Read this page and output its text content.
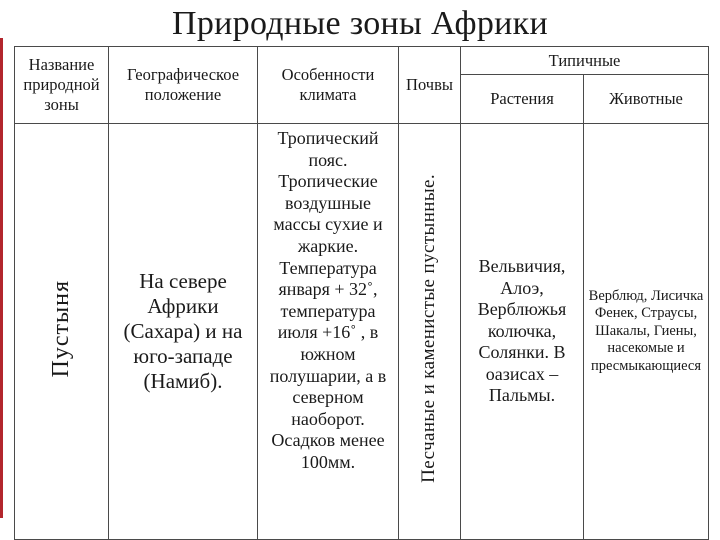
Природные зоны Африки
Название природной зоны	Географическое положение	Особенности климата	Почвы	Типичные	
				Растения	Животные
Пустыня	На севере Африки (Сахара) и на юго-западе (Намиб).	Тропический пояс. Тропические воздушные массы сухие и жаркие. Температура января + 32˚, температура июля +16˚ , в южном полушарии, а в северном наоборот. Осадков менее 100мм.	Песчаные и каменистые пустынные.	Вельвичия, Алоэ, Верблюжья колючка, Солянки. В оазисах – Пальмы.	Верблюд, Лисичка Фенек, Страусы, Шакалы, Гиены, насекомые и пресмыкающиеся
